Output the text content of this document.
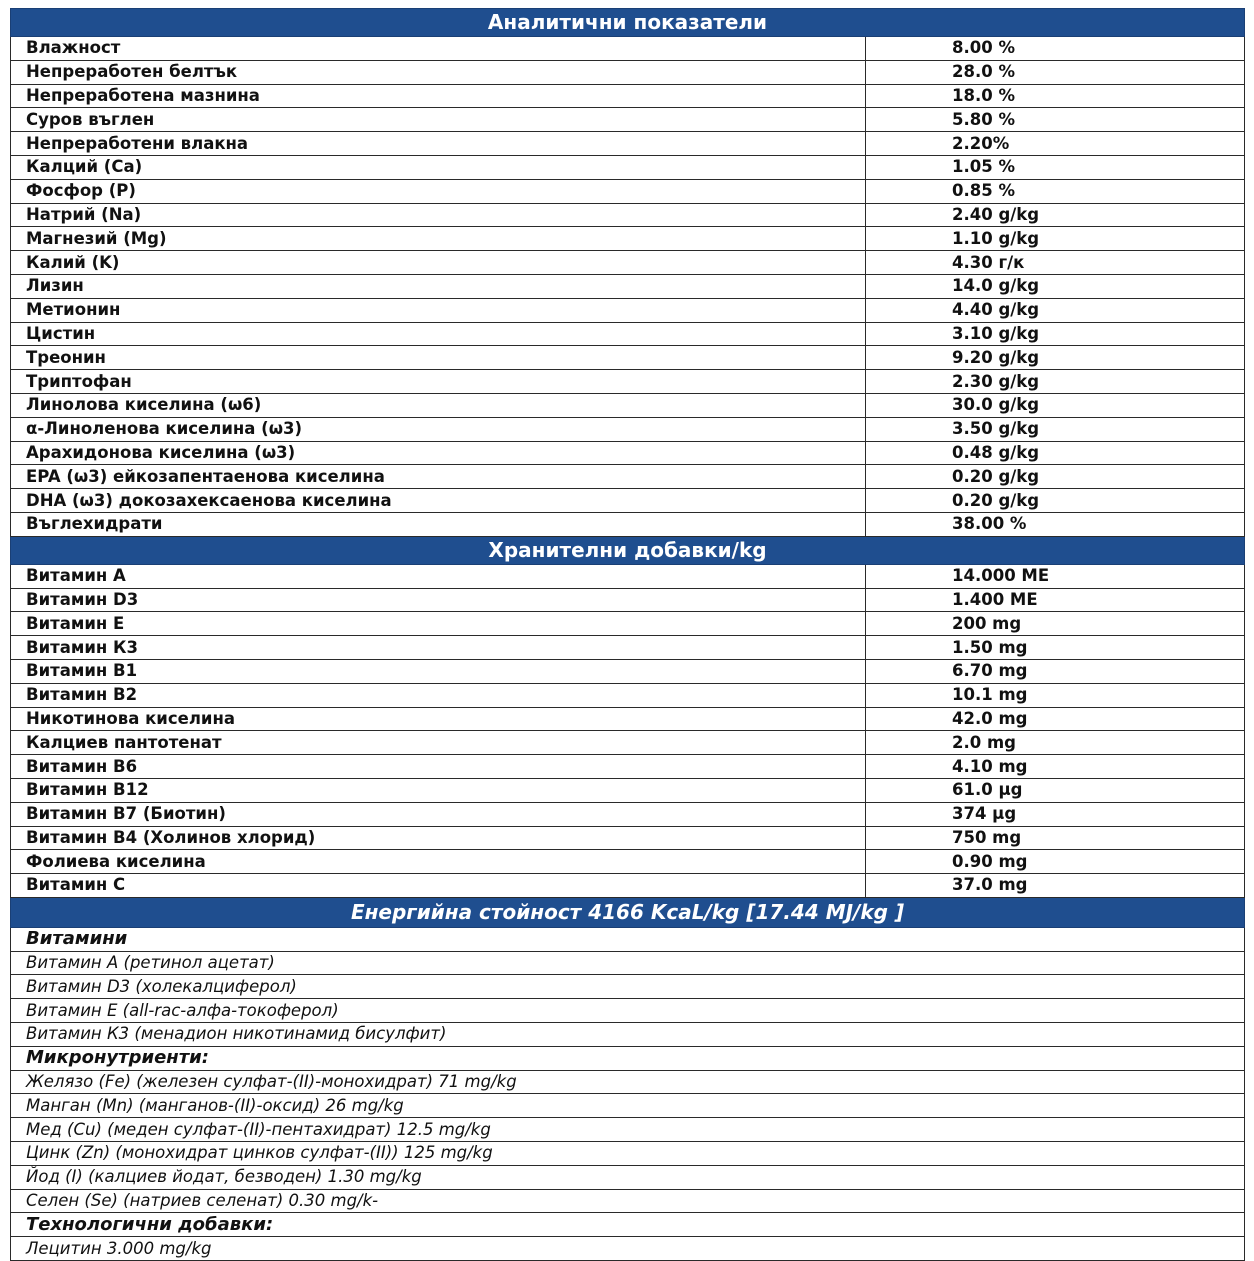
Аналитични показатели	
Влажност	8.00 %
Непреработен белтък	28.0 %
Непреработена мазнина	18.0 %
Суров въглен	5.80 %
Непреработени влакна	2.20%
Калций (Ca)	1.05 %
Фосфор (P)	0.85 %
Натрий (Na)	2.40 g/kg
Магнезий (Mg)	1.10 g/kg
Калий (K)	4.30 г/к
Лизин	14.0 g/kg
Метионин	4.40 g/kg
Цистин	3.10 g/kg
Треонин	9.20 g/kg
Триптофан	2.30 g/kg
Линолова киселина (ω6)	30.0 g/kg
α-Линоленова киселина (ω3)	3.50 g/kg
Арахидонова киселина (ω3)	0.48 g/kg
EPA (ω3) ейкозапентаенова киселина	0.20 g/kg
DHA (ω3) докозахексаенова киселина	0.20 g/kg
Въглехидрати	38.00 %
Хранителни добавки/kg	
Витамин A	14.000 МЕ
Витамин D3	1.400 МЕ
Витамин Е	200 mg
Витамин К3	1.50 mg
Витамин В1	6.70 mg
Витамин В2	10.1 mg
Никотинова киселина	42.0 mg
Калциев пантотенат	2.0 mg
Витамин В6	4.10 mg
Витамин В12	61.0 μg
Витамин В7 (Биотин)	374 μg
Витамин В4 (Холинов хлорид)	750 mg
Фолиева киселина	0.90 mg
Витамин С	37.0 mg
Енергийна стойност 4166 KcaL/kg [17.44 MJ/kg ]	
Витамини	
Витамин А (ретинол ацетат)	
Витамин D3 (холекалциферол)	
Витамин Е (all-rac-алфа-токоферол)	
Витамин К3 (менадион никотинамид бисулфит)	
Микронутриенти:	
Желязо (Fe) (железен сулфат-(II)-монохидрат) 71 mg/kg	
Манган (Mn) (манганов-(II)-оксид) 26 mg/kg	
Мед (Cu) (меден сулфат-(II)-пентахидрат) 12.5 mg/kg	
Цинк (Zn) (монохидрат цинков сулфат-(II)) 125 mg/kg	
Йод (I) (калциев йодат, безводен) 1.30 mg/kg	
Селен (Se) (натриев селенат) 0.30 mg/k-	
Технологични добавки:	
Лецитин 3.000 mg/kg	
